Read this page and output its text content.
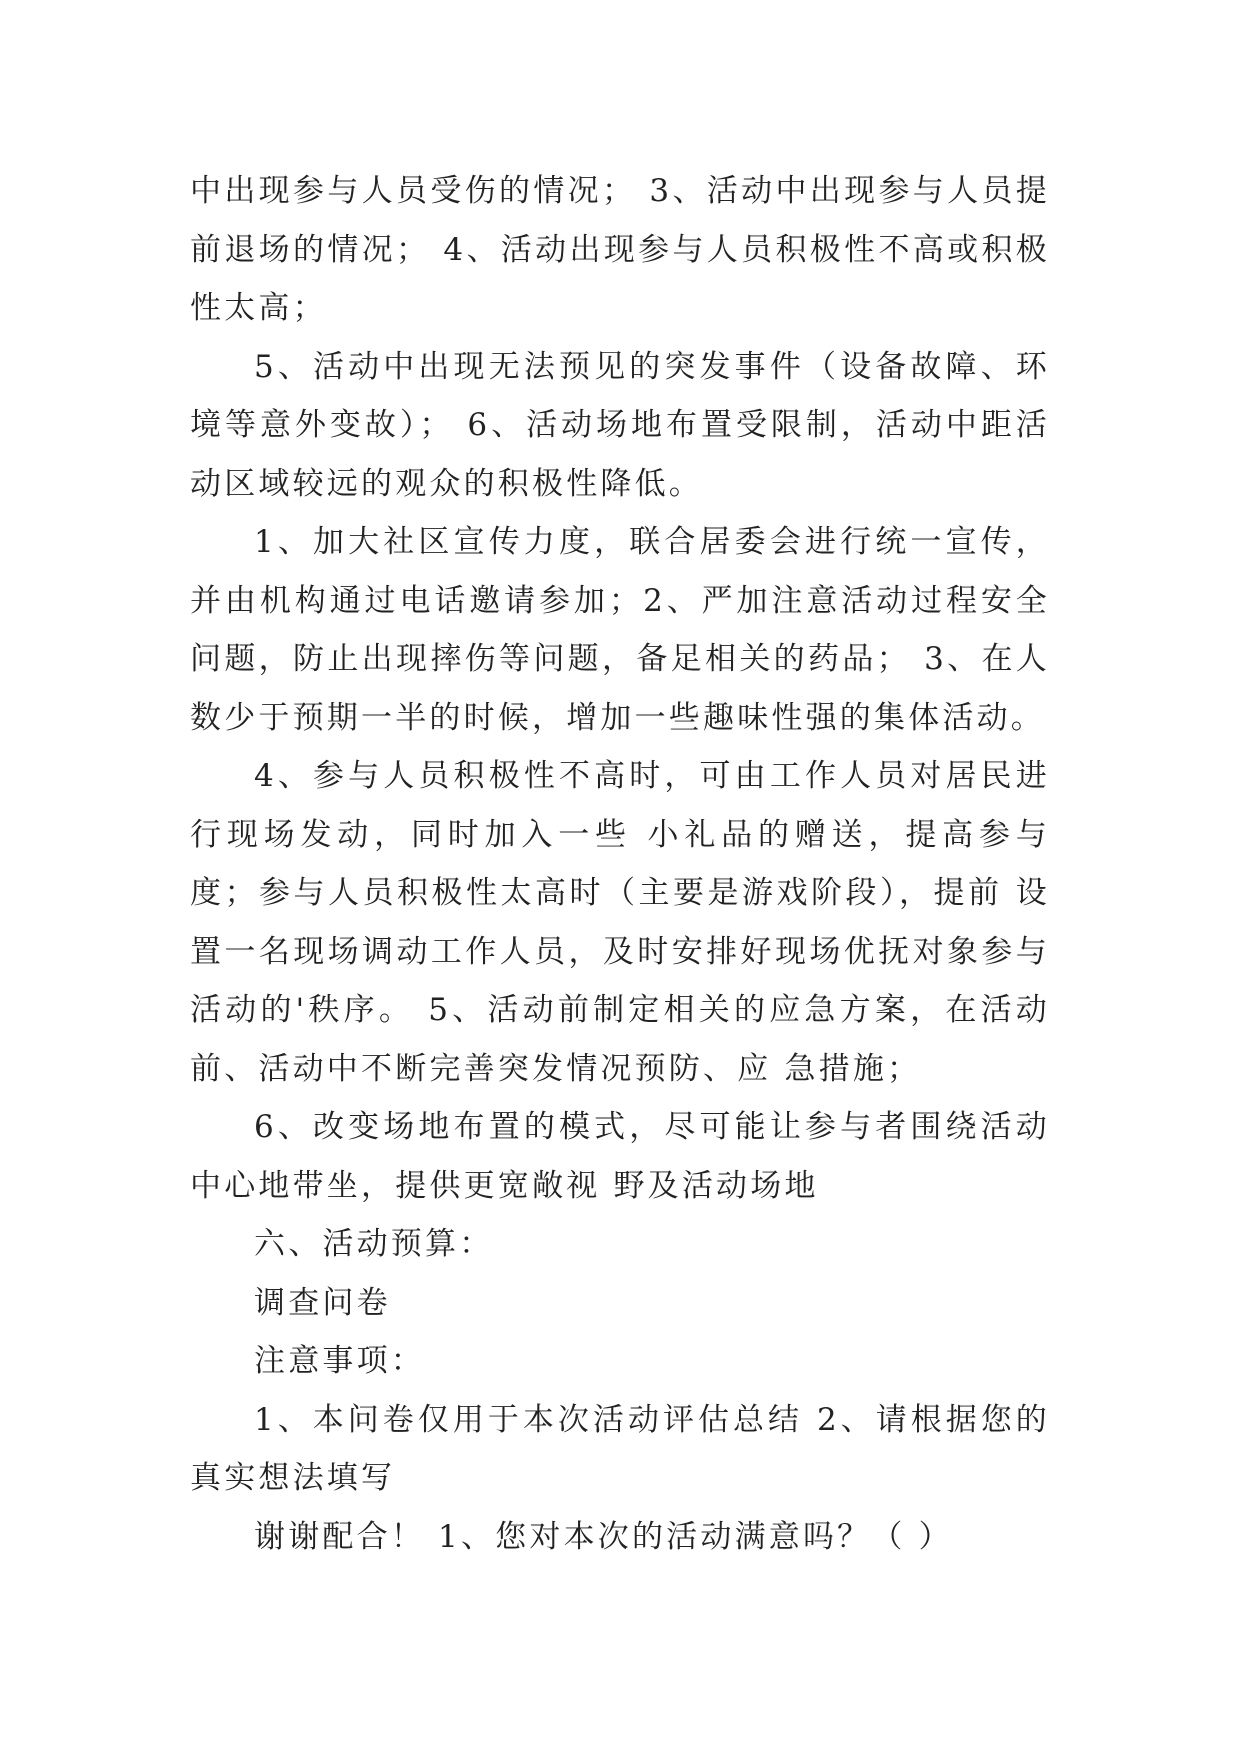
中出现参与人员受伤的情况； 3、活动中出现参与人员提前退场的情况； 4、活动出现参与人员积极性不高或积极性太高；

5、活动中出现无法预见的突发事件（设备故障、环境等意外变故）； 6、活动场地布置受限制，活动中距活动区域较远的观众的积极性降低。

1、加大社区宣传力度，联合居委会进行统一宣传，并由机构通过电话邀请参加；2、严加注意活动过程安全问题，防止出现摔伤等问题，备足相关的药品； 3、在人数少于预期一半的时候，增加一些趣味性强的集体活动。

4、参与人员积极性不高时，可由工作人员对居民进行现场发动，同时加入一些 小礼品的赠送，提高参与度；参与人员积极性太高时（主要是游戏阶段），提前 设置一名现场调动工作人员，及时安排好现场优抚对象参与活动的'秩序。 5、活动前制定相关的应急方案，在活动前、活动中不断完善突发情况预防、应 急措施；

6、改变场地布置的模式，尽可能让参与者围绕活动中心地带坐，提供更宽敞视 野及活动场地

六、活动预算：

调查问卷

注意事项：

1、本问卷仅用于本次活动评估总结 2、请根据您的真实想法填写

谢谢配合！ 1、您对本次的活动满意吗？（ ）
